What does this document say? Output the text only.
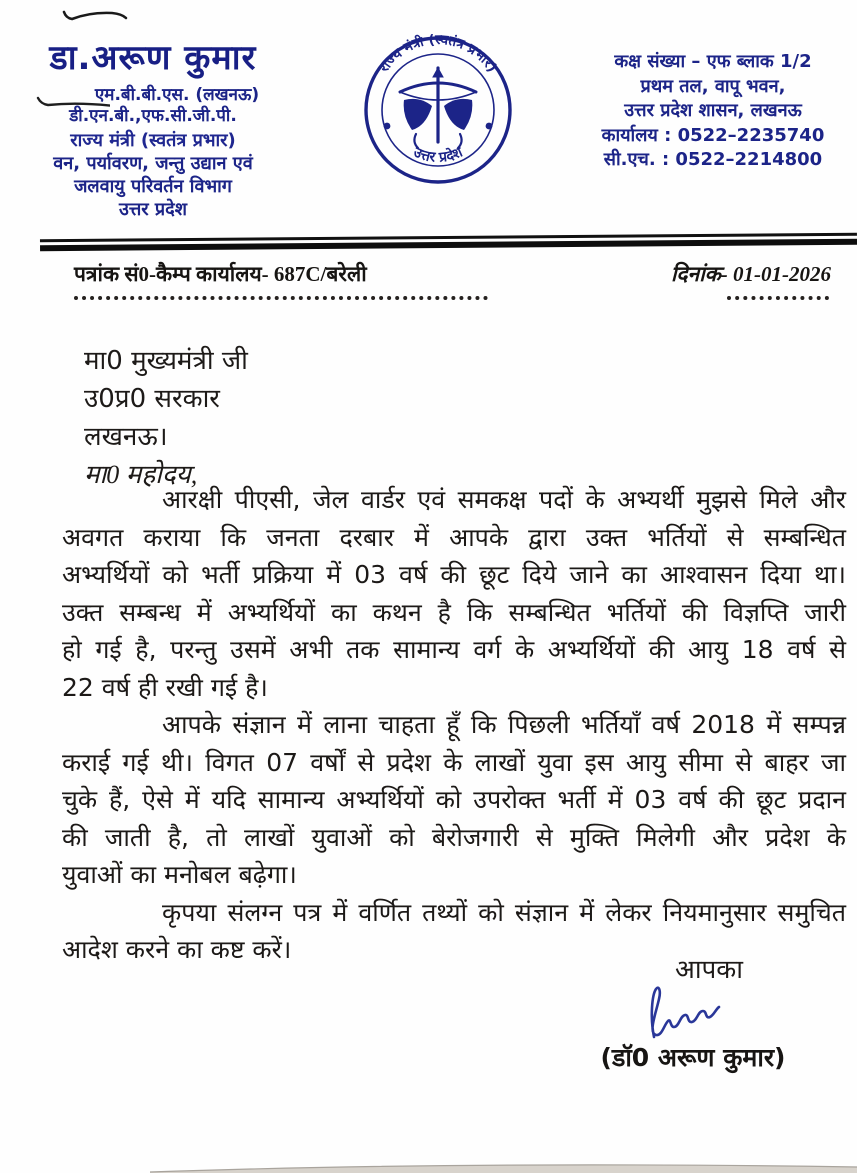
डा.अरूण कुमार
एम.बी.बी.एस. (लखनऊ)
डी.एन.बी.,एफ.सी.जी.पी.
राज्य मंत्री (स्वतंत्र प्रभार)
वन, पर्यावरण, जन्तु उद्यान एवं
जलवायु परिवर्तन विभाग
उत्तर प्रदेश
राज्य मंत्री (स्वतंत्र प्रभार)
उत्तर प्रदेश
कक्ष संख्या – एफ ब्लाक 1/2
प्रथम तल, वापू भवन,
उत्तर प्रदेश शासन, लखनऊ
कार्यालय : 0522–2235740
सी.एच. : 0522–2214800
पत्रांक सं0-कैम्प कार्यालय- 687C/बरेली	दिनांक- 01-01-2026
मा0 मुख्यमंत्री जी
उ0प्र0 सरकार
लखनऊ।
मा0 महोदय,
आरक्षी पीएसी, जेल वार्डर एवं समकक्ष पदों के अभ्यर्थी मुझसे मिले और
अवगत कराया कि जनता दरबार में आपके द्वारा उक्त भर्तियों से सम्बन्धित
अभ्यर्थियों को भर्ती प्रक्रिया में 03 वर्ष की छूट दिये जाने का आश्वासन दिया था।
उक्त सम्बन्ध में अभ्यर्थियों का कथन है कि सम्बन्धित भर्तियों की विज्ञप्ति जारी
हो गई है, परन्तु उसमें अभी तक सामान्य वर्ग के अभ्यर्थियों की आयु 18 वर्ष से
22 वर्ष ही रखी गई है।
आपके संज्ञान में लाना चाहता हूँ कि पिछली भर्तियाँ वर्ष 2018 में सम्पन्न
कराई गई थी। विगत 07 वर्षों से प्रदेश के लाखों युवा इस आयु सीमा से बाहर जा
चुके हैं, ऐसे में यदि सामान्य अभ्यर्थियों को उपरोक्त भर्ती में 03 वर्ष की छूट प्रदान
की जाती है, तो लाखों युवाओं को बेरोजगारी से मुक्ति मिलेगी और प्रदेश के
युवाओं का मनोबल बढ़ेगा।
कृपया संलग्न पत्र में वर्णित तथ्यों को संज्ञान में लेकर नियमानुसार समुचित
आदेश करने का कष्ट करें।
आपका
(डॉ0 अरूण कुमार)
